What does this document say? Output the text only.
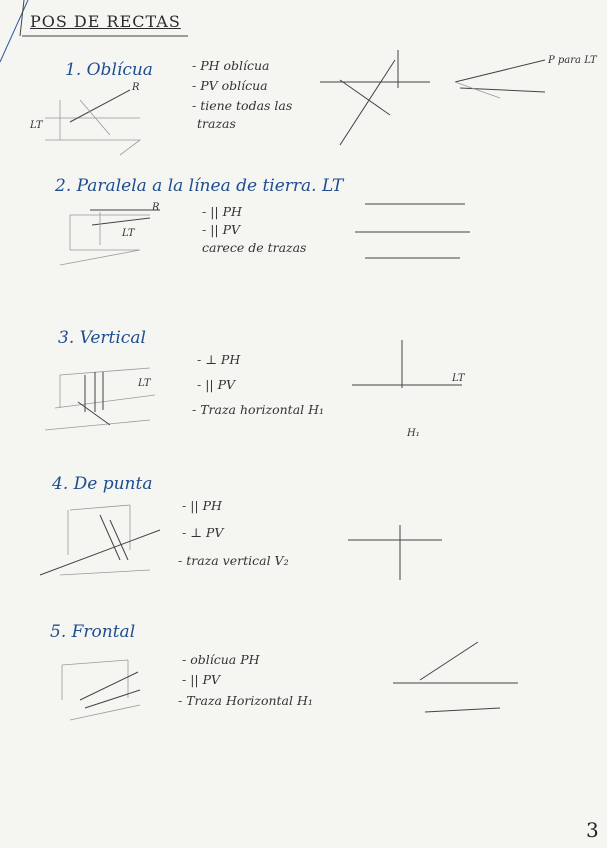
POS DE RECTAS
1. Oblícua	- PH oblícua
- PV oblícua
- tiene todas las
trazas
LT
R
P para LT
2. Paralela a la línea de tierra. LT
- || PH
- || PV
carece de trazas
R
LT
3. Vertical
- ⊥ PH
- || PV
- Traza horizontal H₁
LT	LT
H₁
4. De punta
- || PH
- ⊥ PV
- traza vertical V₂
5. Frontal
- oblícua PH
- || PV
- Traza Horizontal H₁
3
